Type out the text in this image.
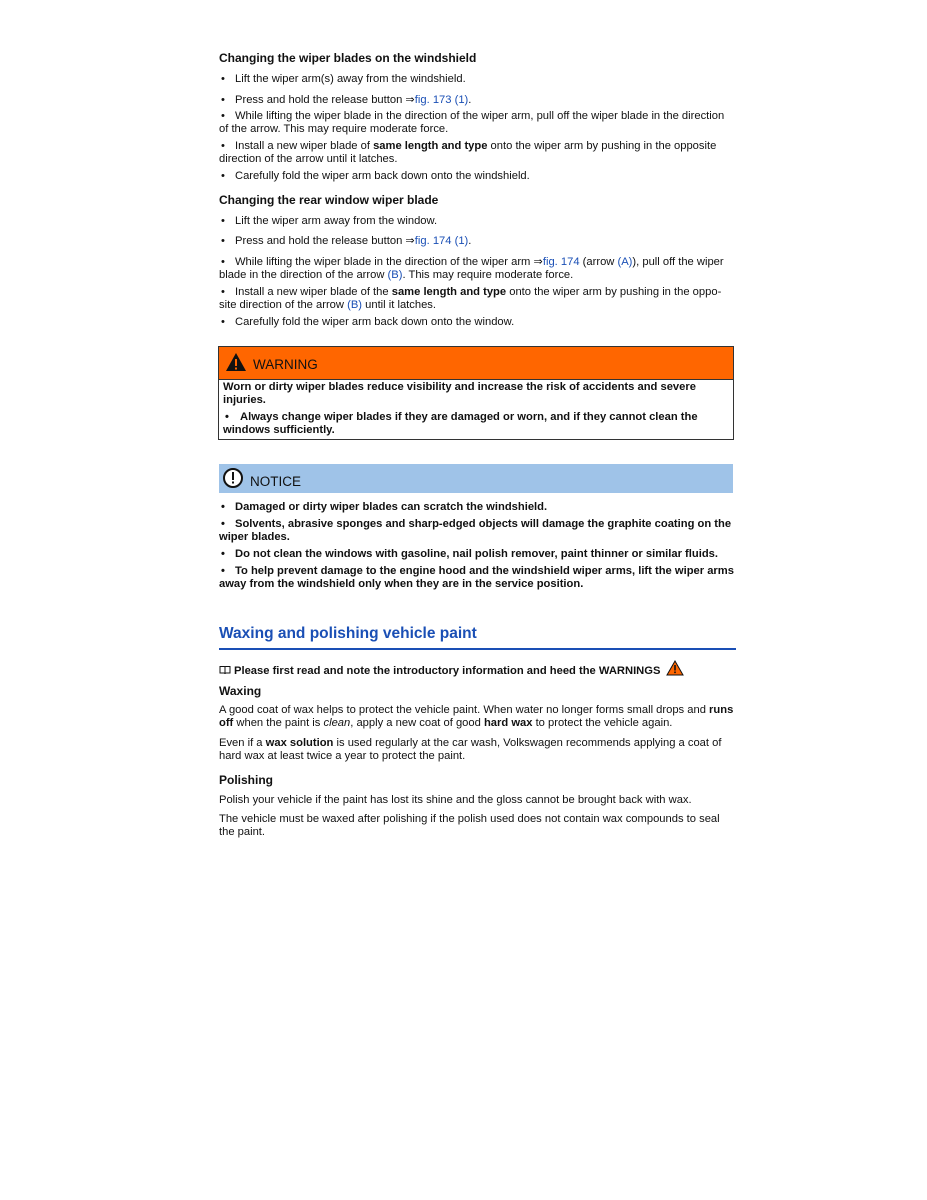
Changing the wiper blades on the windshield
• Lift the wiper arm(s) away from the windshield.
• Press and hold the release button ⇒fig. 173 (1).
• While lifting the wiper blade in the direction of the wiper arm, pull off the wiper blade in the direction of the arrow. This may require moderate force.
• Install a new wiper blade of same length and type onto the wiper arm by pushing in the opposite direction of the arrow until it latches.
• Carefully fold the wiper arm back down onto the windshield.
Changing the rear window wiper blade
• Lift the wiper arm away from the window.
• Press and hold the release button ⇒fig. 174 (1).
• While lifting the wiper blade in the direction of the wiper arm ⇒fig. 174 (arrow (A)), pull off the wiper blade in the direction of the arrow (B). This may require moderate force.
• Install a new wiper blade of the same length and type onto the wiper arm by pushing in the oppo-site direction of the arrow (B) until it latches.
• Carefully fold the wiper arm back down onto the window.
WARNING
Worn or dirty wiper blades reduce visibility and increase the risk of accidents and severe injuries.
• Always change wiper blades if they are damaged or worn, and if they cannot clean the windows sufficiently.
NOTICE
• Damaged or dirty wiper blades can scratch the windshield.
• Solvents, abrasive sponges and sharp-edged objects will damage the graphite coating on the wiper blades.
• Do not clean the windows with gasoline, nail polish remover, paint thinner or similar fluids.
• To help prevent damage to the engine hood and the windshield wiper arms, lift the wiper arms away from the windshield only when they are in the service position.
Waxing and polishing vehicle paint
Please first read and note the introductory information and heed the WARNINGS
Waxing
A good coat of wax helps to protect the vehicle paint. When water no longer forms small drops and runs off when the paint is clean, apply a new coat of good hard wax to protect the vehicle again.
Even if a wax solution is used regularly at the car wash, Volkswagen recommends applying a coat of hard wax at least twice a year to protect the paint.
Polishing
Polish your vehicle if the paint has lost its shine and the gloss cannot be brought back with wax.
The vehicle must be waxed after polishing if the polish used does not contain wax compounds to seal the paint.
